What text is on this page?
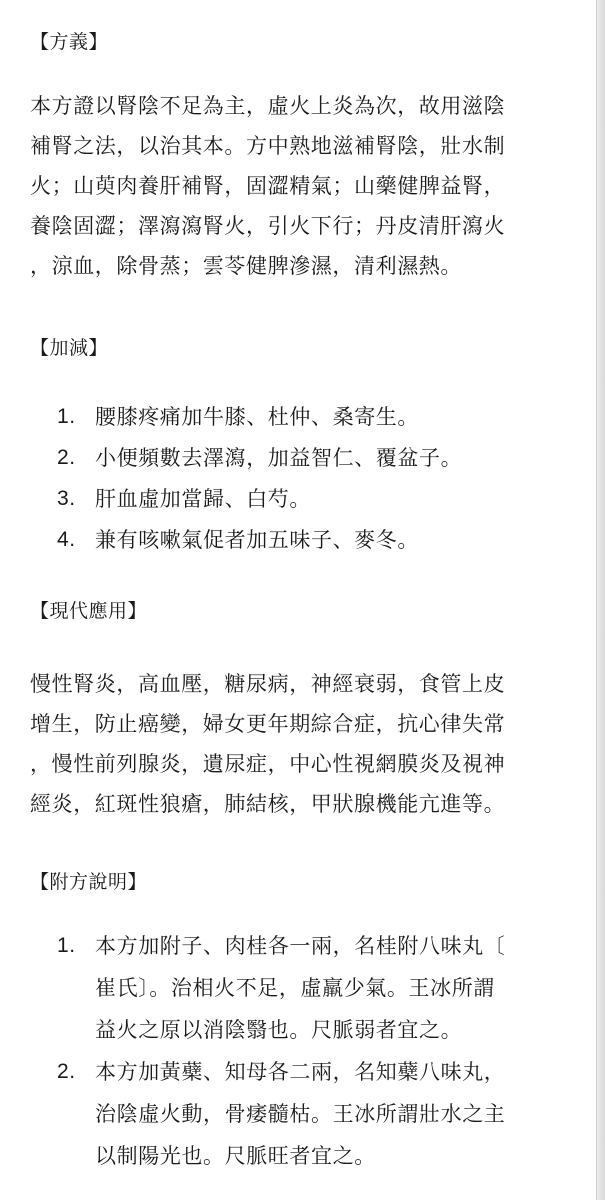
【方義】

本方證以腎陰不足為主，虛火上炎為次，故用滋陰
補腎之法，以治其本。方中熟地滋補腎陰，壯水制
火；山萸肉養肝補腎，固澀精氣；山藥健脾益腎，
養陰固澀；澤瀉瀉腎火，引火下行；丹皮清肝瀉火
，涼血，除骨蒸；雲苓健脾滲濕，清利濕熱。

【加減】
1. 腰膝疼痛加牛膝、杜仲、桑寄生。
2. 小便頻數去澤瀉，加益智仁、覆盆子。
3. 肝血虛加當歸、白芍。
4. 兼有咳嗽氣促者加五味子、麥冬。
【現代應用】

慢性腎炎，高血壓，糖尿病，神經衰弱，食管上皮
增生，防止癌變，婦女更年期綜合症，抗心律失常
，慢性前列腺炎，遺尿症，中心性視網膜炎及視神
經炎，紅斑性狼瘡，肺結核，甲狀腺機能亢進等。

【附方說明】
1. 本方加附子、肉桂各一兩，名桂附八味丸〔
崔氏〕。治相火不足，虛羸少氣。王冰所謂
益火之原以消陰翳也。尺脈弱者宜之。
2. 本方加黃蘗、知母各二兩，名知蘗八味丸，
治陰虛火動，骨痿髓枯。王冰所謂壯水之主
以制陽光也。尺脈旺者宜之。
